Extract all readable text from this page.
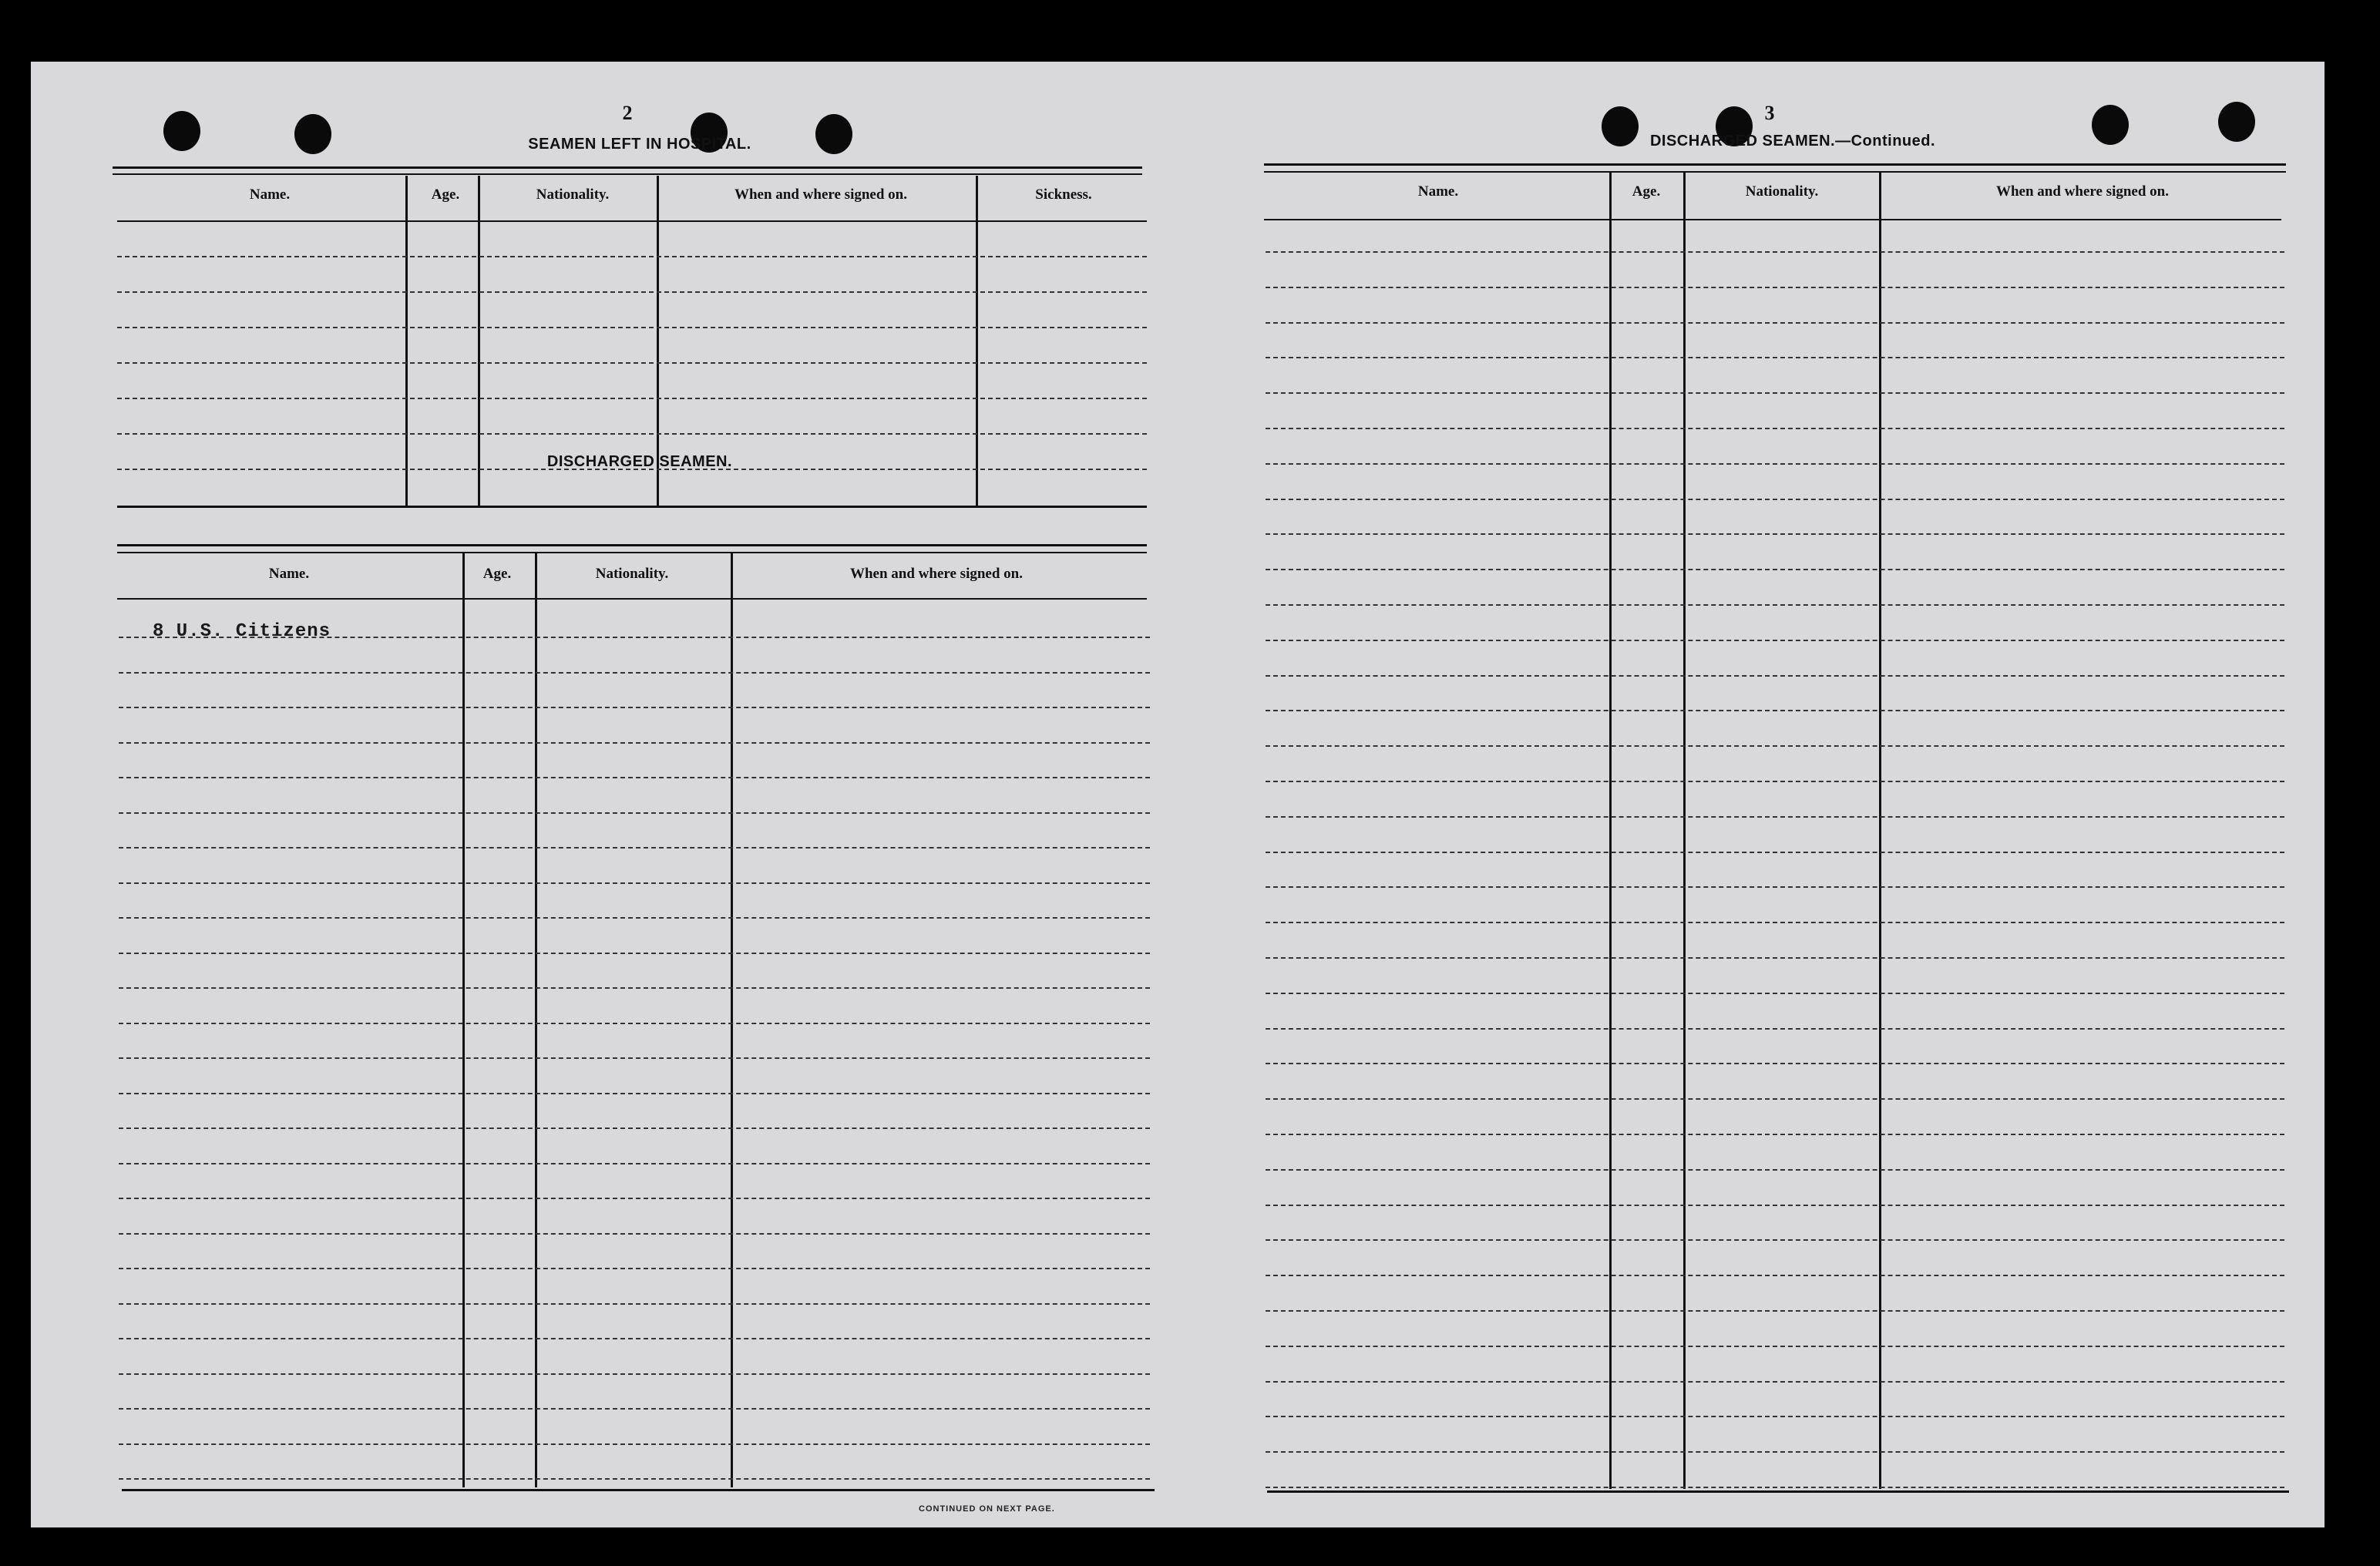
2
SEAMEN LEFT IN HOSPITAL.
Name.	Age.	Nationality.	When and where signed on.	Sickness.
DISCHARGED SEAMEN.
Name.	Age.	Nationality.	When and where signed on.
8 U.S. Citizens
CONTINUED ON NEXT PAGE.
3
DISCHARGED SEAMEN.—Continued.
Name.	Age.	Nationality.	When and where signed on.
